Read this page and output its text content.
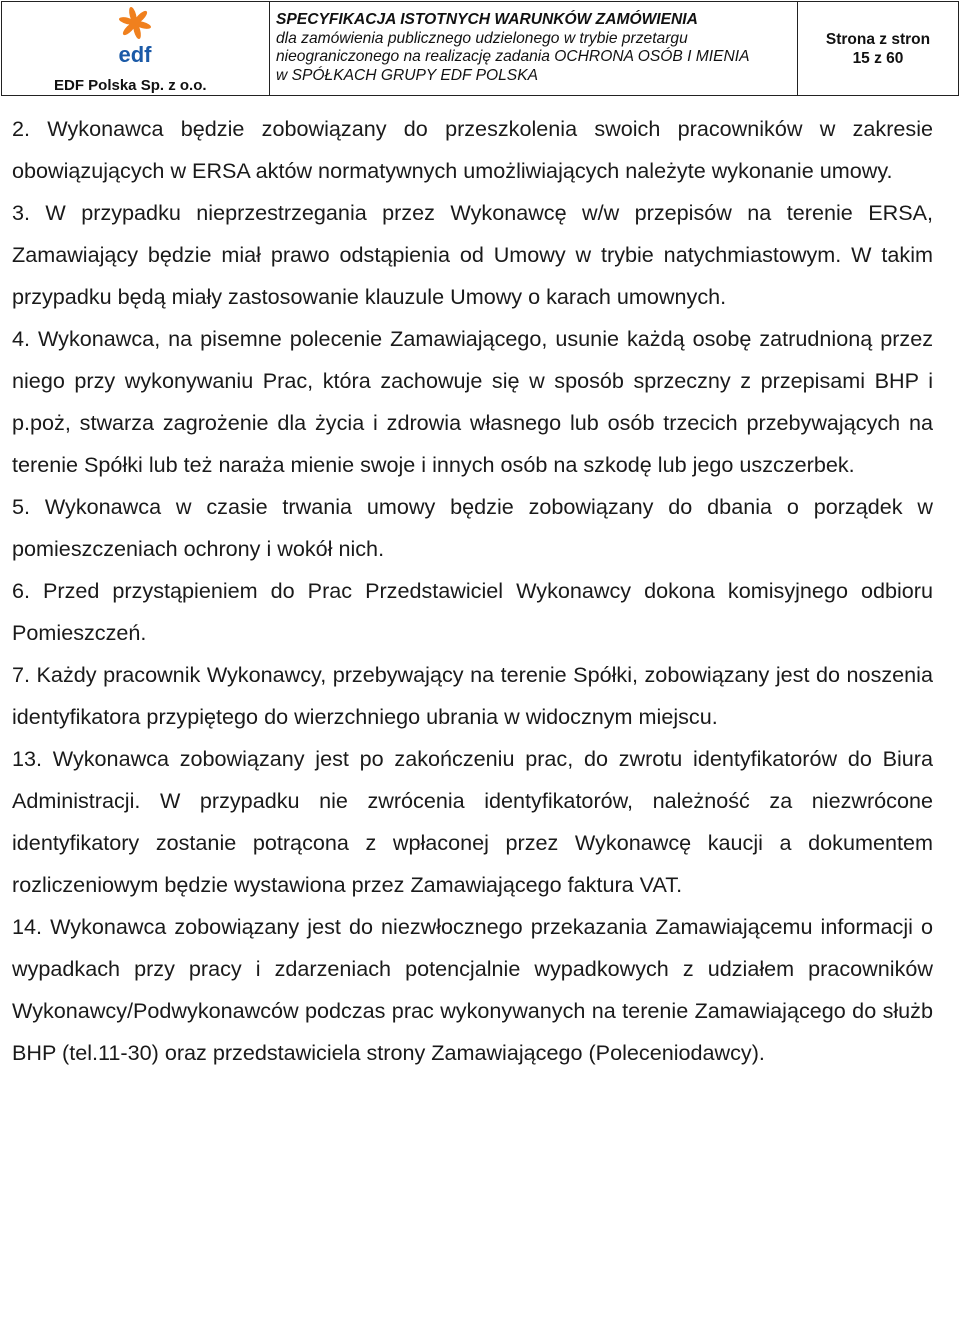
edf
EDF Polska Sp. z o.o.
SPECYFIKACJA ISTOTNYCH WARUNKÓW ZAMÓWIENIA
dla zamówienia publicznego udzielonego w trybie przetargu
nieograniczonego na realizację zadania OCHRONA OSÓB I MIENIA
w SPÓŁKACH GRUPY EDF POLSKA
Strona z stron
15 z 60

2. Wykonawca będzie zobowiązany do przeszkolenia swoich pracowników w zakresie obowiązujących w ERSA aktów normatywnych umożliwiających należyte wykonanie umowy.

3. W przypadku nieprzestrzegania przez Wykonawcę w/w przepisów na terenie ERSA, Zamawiający będzie miał prawo odstąpienia od Umowy w trybie natychmiastowym. W takim przypadku będą miały zastosowanie klauzule Umowy o karach umownych.

4. Wykonawca, na pisemne polecenie Zamawiającego, usunie każdą osobę zatrudnioną przez niego przy wykonywaniu Prac, która zachowuje się w sposób sprzeczny z przepisami BHP i p.poż, stwarza zagrożenie dla życia i zdrowia własnego lub osób trzecich przebywających na terenie Spółki lub też naraża mienie swoje i innych osób na szkodę lub jego uszczerbek.

5. Wykonawca w czasie trwania umowy będzie zobowiązany do dbania o porządek w pomieszczeniach ochrony i wokół nich.

6. Przed przystąpieniem do Prac Przedstawiciel Wykonawcy dokona komisyjnego odbioru Pomieszczeń.

7. Każdy pracownik Wykonawcy, przebywający na terenie Spółki, zobowiązany jest do noszenia identyfikatora przypiętego do wierzchniego ubrania w widocznym miejscu.

13. Wykonawca zobowiązany jest po zakończeniu prac, do zwrotu identyfikatorów do Biura Administracji. W przypadku nie zwrócenia identyfikatorów, należność za niezwrócone identyfikatory zostanie potrącona z wpłaconej przez Wykonawcę kaucji a dokumentem rozliczeniowym będzie wystawiona przez Zamawiającego faktura VAT.

14. Wykonawca zobowiązany jest do niezwłocznego przekazania Zamawiającemu informacji o wypadkach przy pracy i zdarzeniach potencjalnie wypadkowych z udziałem pracowników Wykonawcy/Podwykonawców podczas prac wykonywanych na terenie Zamawiającego do służb BHP (tel.11-30) oraz przedstawiciela strony Zamawiającego (Poleceniodawcy).
